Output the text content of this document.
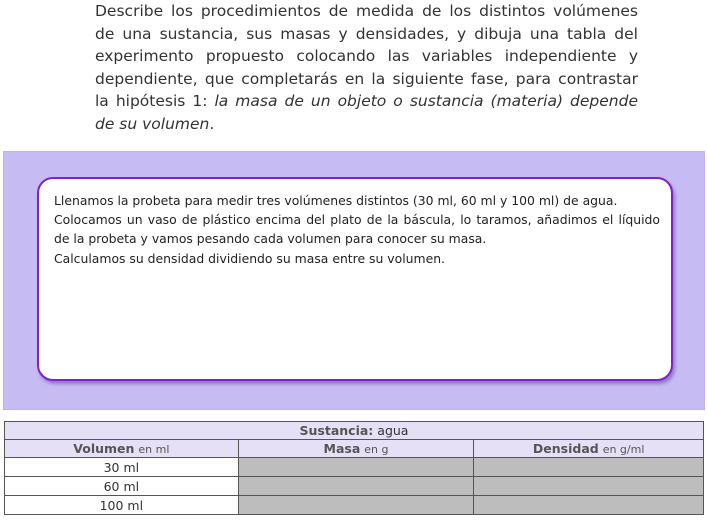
Describe los procedimientos de medida de los distintos volúmenes de una sustancia, sus masas y densidades, y dibuja una tabla del experimento propuesto colocando las variables independiente y dependiente, que completarás en la siguiente fase, para contrastar la hipótesis 1: la masa de un objeto o sustancia (materia) depende de su volumen.
Llenamos la probeta para medir tres volúmenes distintos (30 ml, 60 ml y 100 ml) de agua.
Colocamos un vaso de plástico encima del plato de la báscula, lo taramos, añadimos el líquido de la probeta y vamos pesando cada volumen para conocer su masa.
Calculamos su densidad dividiendo su masa entre su volumen.
Sustancia: agua		
Volumen en ml	Masa en g	Densidad en g/ml
30 ml		
60 ml		
100 ml		
